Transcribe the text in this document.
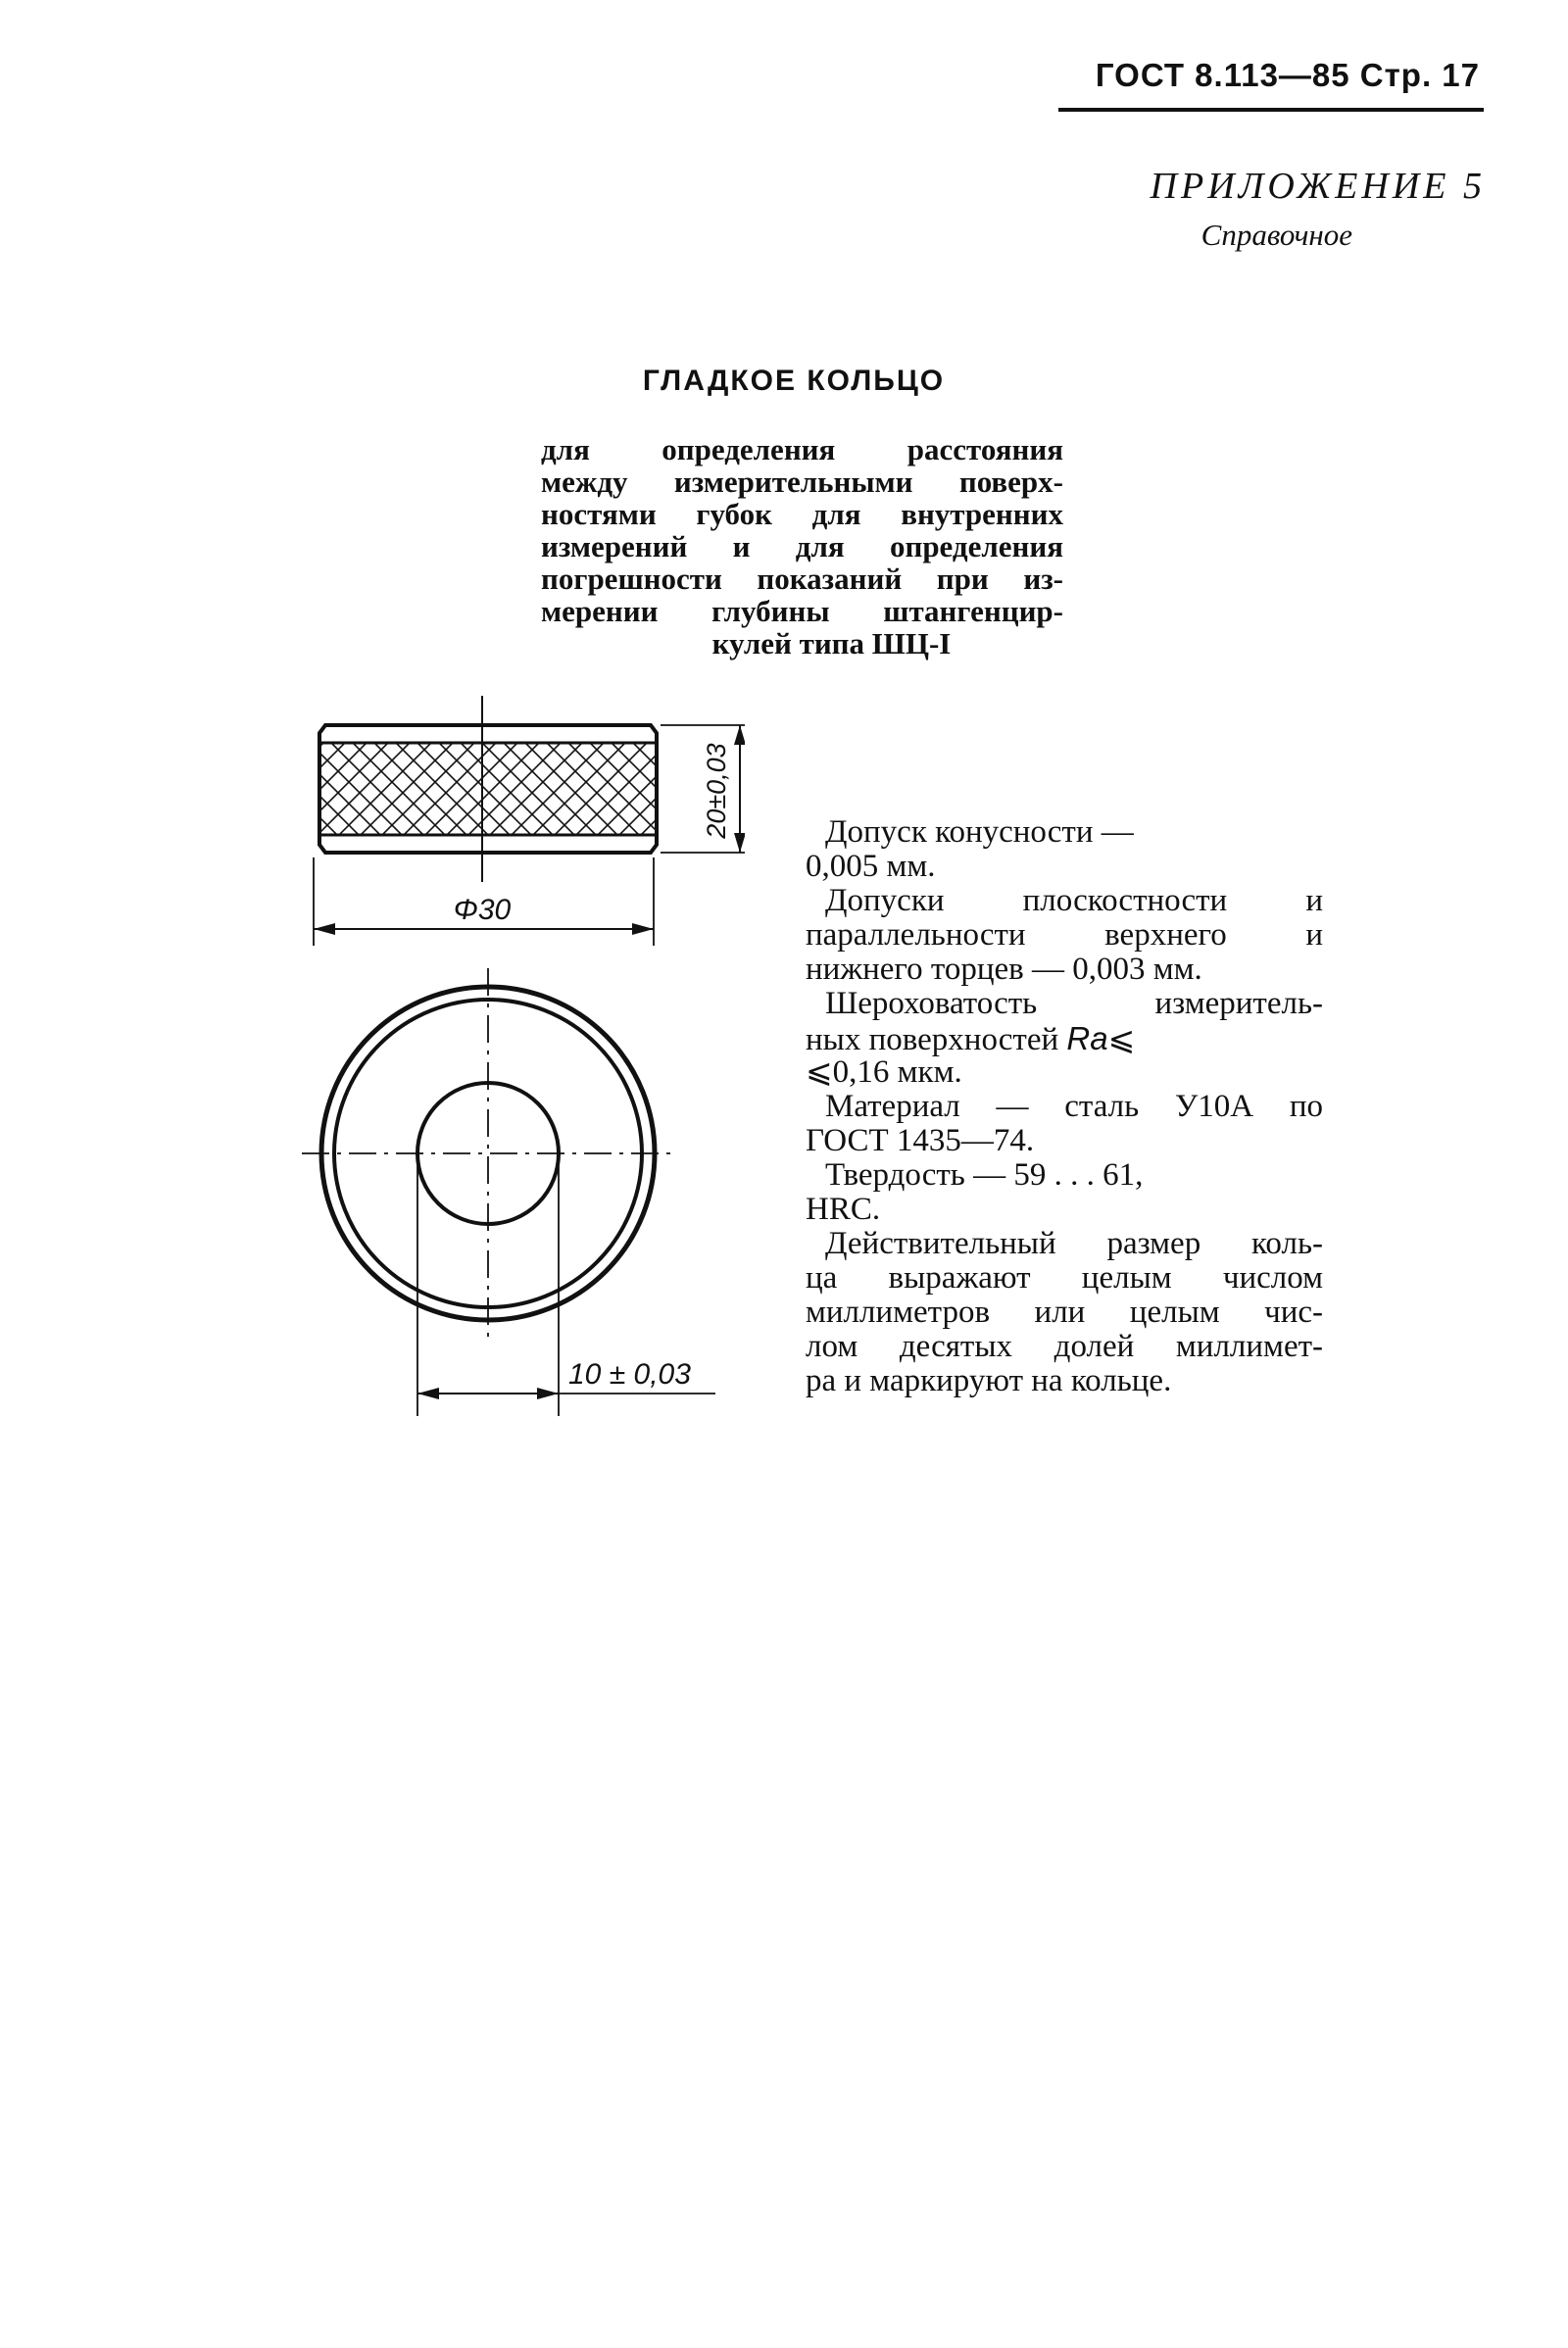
ГОСТ 8.113—85 Стр. 17
ПРИЛОЖЕНИЕ 5
Справочное
ГЛАДКОЕ КОЛЬЦО
для определения расстояния
между измерительными поверх-
ностями губок для внутренних
измерений и для определения
погрешности показаний при из-
мерении глубины штангенцир-
кулей типа ШЦ-I
20±0,03
Φ30
10 ± 0,03
Допуск конусности —
0,005 мм.
Допуски плоскостности и
параллельности верхнего и
нижнего торцев — 0,003 мм.
Шероховатость измеритель-
ных поверхностей Ra⩽
⩽0,16 мкм.
Материал — сталь У10А по
ГОСТ 1435—74.
Твердость — 59 . . . 61,
HRC.
Действительный размер коль-
ца выражают целым числом
миллиметров или целым чис-
лом десятых долей миллимет-
ра и маркируют на кольце.
